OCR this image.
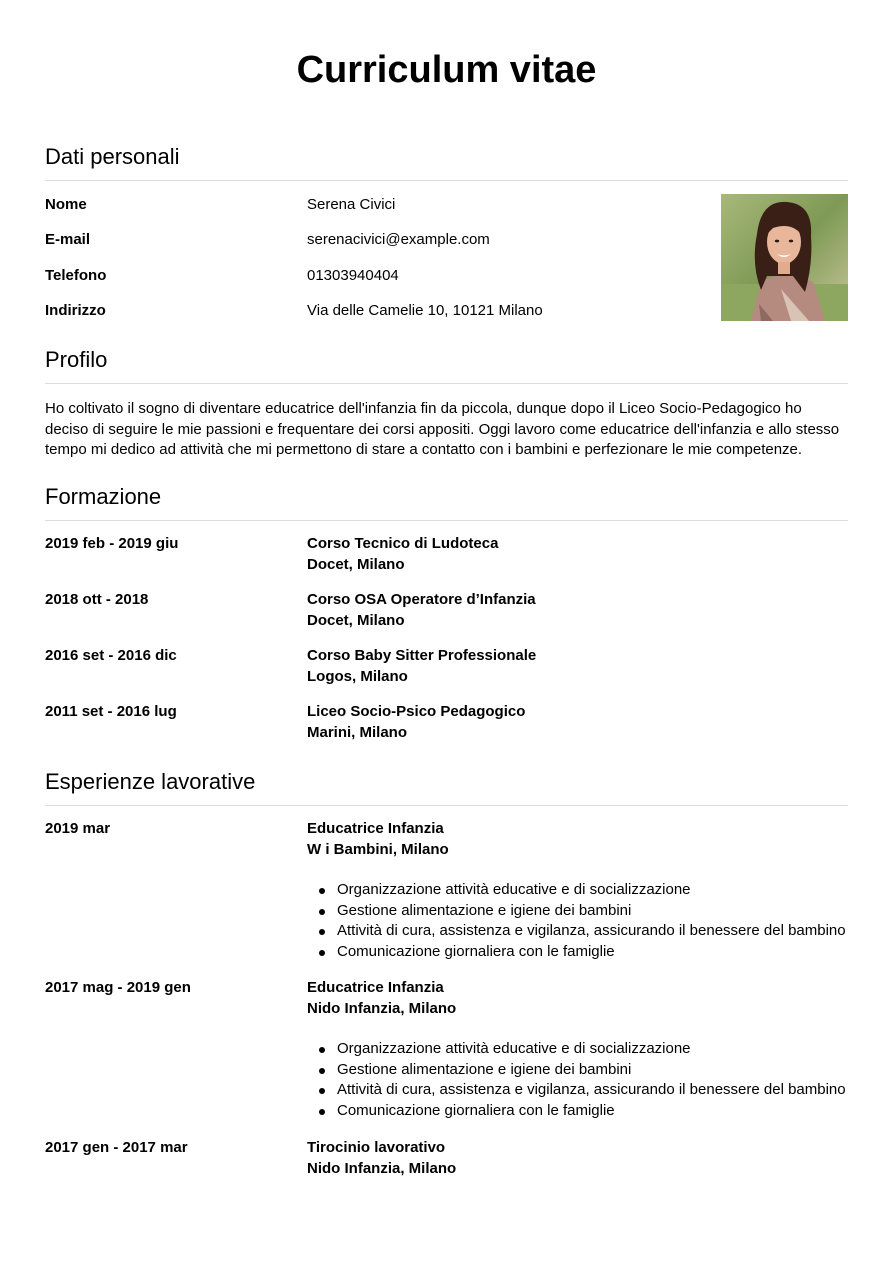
Curriculum vitae
Dati personali
Nome	Serena Civici
E-mail	serenacivici@example.com
Telefono	01303940404
Indirizzo	Via delle Camelie 10, 10121 Milano
Profilo
Ho coltivato il sogno di diventare educatrice dell'infanzia fin da piccola, dunque dopo il Liceo Socio-Pedagogico ho deciso di seguire le mie passioni e frequentare dei corsi appositi. Oggi lavoro come educatrice dell'infanzia e allo stesso tempo mi dedico ad attività che mi permettono di stare a contatto con i bambini e perfezionare le mie competenze.
Formazione
2019 feb - 2019 giu	Corso Tecnico di Ludoteca
Docet, Milano
2018 ott - 2018	Corso OSA Operatore d’Infanzia
Docet, Milano
2016 set - 2016 dic	Corso Baby Sitter Professionale
Logos, Milano
2011 set - 2016 lug	Liceo Socio-Psico Pedagogico
Marini, Milano
Esperienze lavorative
2019 mar	Educatrice Infanzia
W i Bambini, Milano
Organizzazione attività educative e di socializzazione
Gestione alimentazione e igiene dei bambini
Attività di cura, assistenza e vigilanza, assicurando il benessere del bambino
Comunicazione giornaliera con le famiglie
2017 mag - 2019 gen	Educatrice Infanzia
Nido Infanzia, Milano
Organizzazione attività educative e di socializzazione
Gestione alimentazione e igiene dei bambini
Attività di cura, assistenza e vigilanza, assicurando il benessere del bambino
Comunicazione giornaliera con le famiglie
2017 gen - 2017 mar	Tirocinio lavorativo
Nido Infanzia, Milano
